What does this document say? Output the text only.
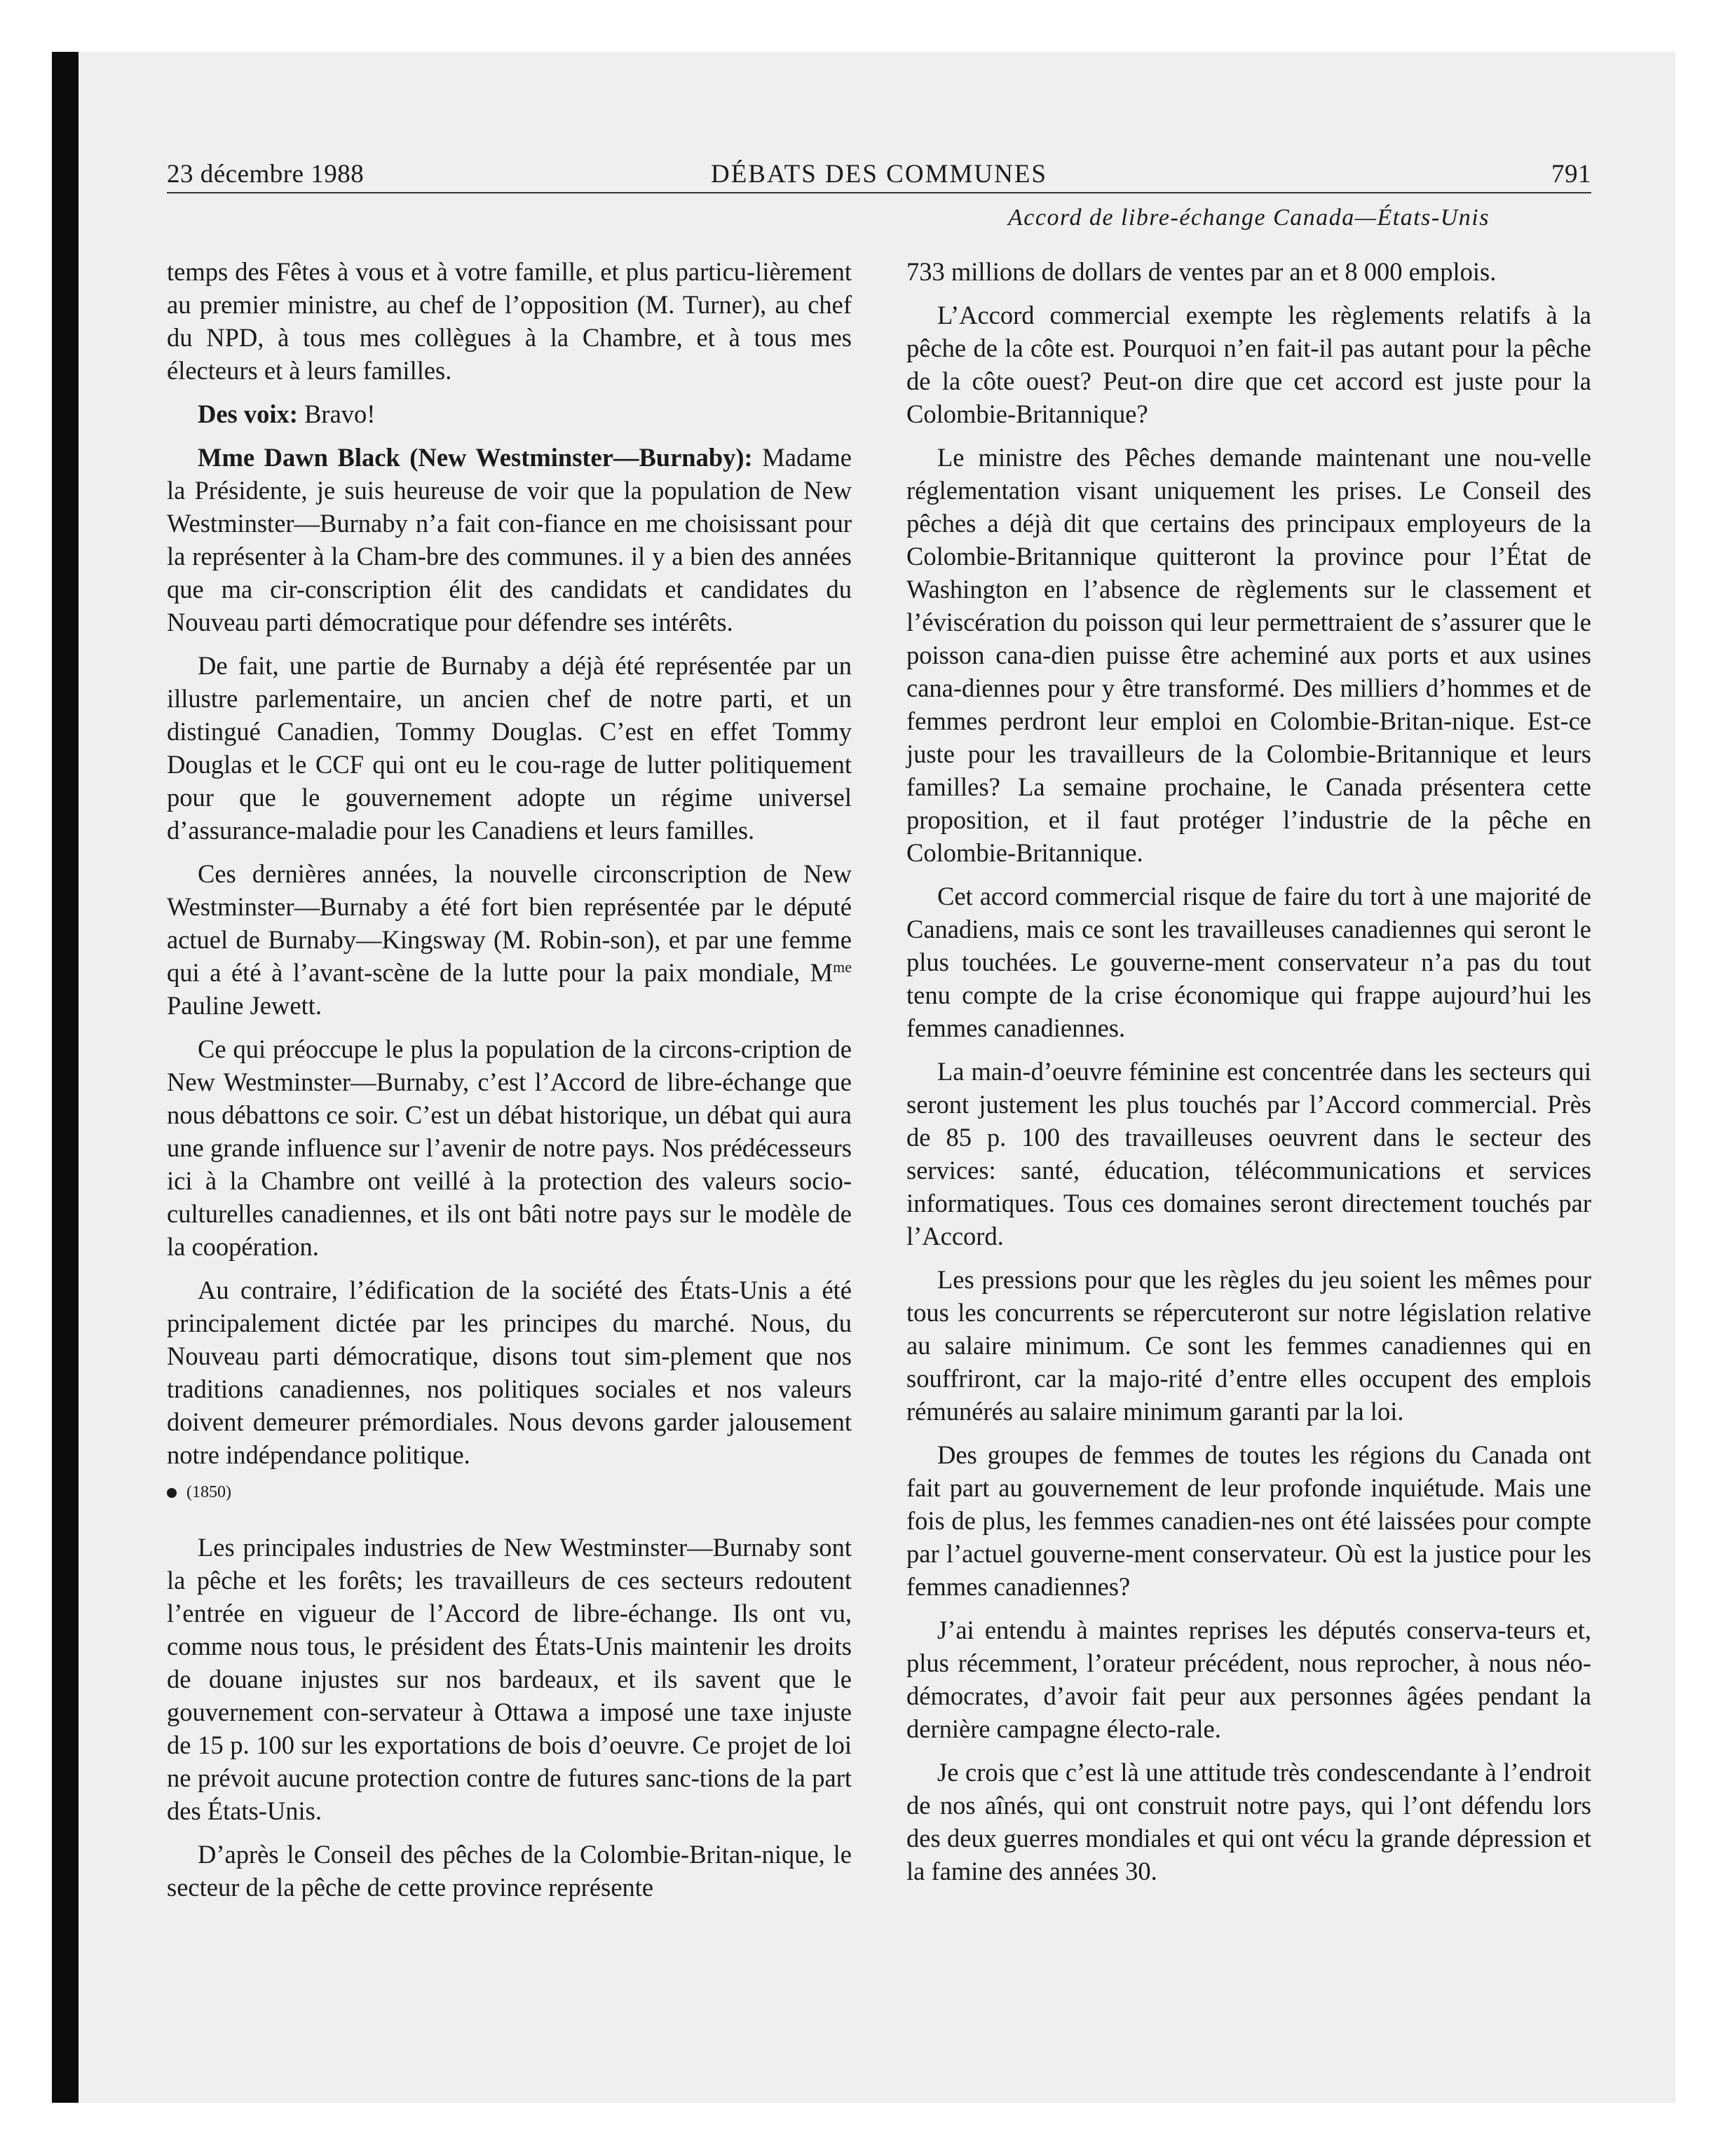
23 décembre 1988	DÉBATS DES COMMUNES	791
Accord de libre-échange Canada—États-Unis

temps des Fêtes à vous et à votre famille, et plus particu-lièrement au premier ministre, au chef de l’opposition (M. Turner), au chef du NPD, à tous mes collègues à la Chambre, et à tous mes électeurs et à leurs familles.

Des voix: Bravo!

Mme Dawn Black (New Westminster—Burnaby): Madame la Présidente, je suis heureuse de voir que la population de New Westminster—Burnaby n’a fait con-fiance en me choisissant pour la représenter à la Cham-bre des communes. il y a bien des années que ma cir-conscription élit des candidats et candidates du Nouveau parti démocratique pour défendre ses intérêts.

De fait, une partie de Burnaby a déjà été représentée par un illustre parlementaire, un ancien chef de notre parti, et un distingué Canadien, Tommy Douglas. C’est en effet Tommy Douglas et le CCF qui ont eu le cou-rage de lutter politiquement pour que le gouvernement adopte un régime universel d’assurance-maladie pour les Canadiens et leurs familles.

Ces dernières années, la nouvelle circonscription de New Westminster—Burnaby a été fort bien représentée par le député actuel de Burnaby—Kingsway (M. Robin-son), et par une femme qui a été à l’avant-scène de la lutte pour la paix mondiale, $M^{me}$ Pauline Jewett.

Ce qui préoccupe le plus la population de la circons-cription de New Westminster—Burnaby, c’est l’Accord de libre-échange que nous débattons ce soir. C’est un débat historique, un débat qui aura une grande influence sur l’avenir de notre pays. Nos prédécesseurs ici à la Chambre ont veillé à la protection des valeurs socio-culturelles canadiennes, et ils ont bâti notre pays sur le modèle de la coopération.

Au contraire, l’édification de la société des États-Unis a été principalement dictée par les principes du marché. Nous, du Nouveau parti démocratique, disons tout sim-plement que nos traditions canadiennes, nos politiques sociales et nos valeurs doivent demeurer prémordiales. Nous devons garder jalousement notre indépendance politique.

(1850)

Les principales industries de New Westminster—Burnaby sont la pêche et les forêts; les travailleurs de ces secteurs redoutent l’entrée en vigueur de l’Accord de libre-échange. Ils ont vu, comme nous tous, le président des États-Unis maintenir les droits de douane injustes sur nos bardeaux, et ils savent que le gouvernement con-servateur à Ottawa a imposé une taxe injuste de 15 p. 100 sur les exportations de bois d’oeuvre. Ce projet de loi ne prévoit aucune protection contre de futures sanc-tions de la part des États-Unis.

D’après le Conseil des pêches de la Colombie-Britan-nique, le secteur de la pêche de cette province représente

733 millions de dollars de ventes par an et 8 000 emplois.

L’Accord commercial exempte les règlements relatifs à la pêche de la côte est. Pourquoi n’en fait-il pas autant pour la pêche de la côte ouest? Peut-on dire que cet accord est juste pour la Colombie-Britannique?

Le ministre des Pêches demande maintenant une nou-velle réglementation visant uniquement les prises. Le Conseil des pêches a déjà dit que certains des principaux employeurs de la Colombie-Britannique quitteront la province pour l’État de Washington en l’absence de règlements sur le classement et l’éviscération du poisson qui leur permettraient de s’assurer que le poisson cana-dien puisse être acheminé aux ports et aux usines cana-diennes pour y être transformé. Des milliers d’hommes et de femmes perdront leur emploi en Colombie-Britan-nique. Est-ce juste pour les travailleurs de la Colombie-Britannique et leurs familles? La semaine prochaine, le Canada présentera cette proposition, et il faut protéger l’industrie de la pêche en Colombie-Britannique.

Cet accord commercial risque de faire du tort à une majorité de Canadiens, mais ce sont les travailleuses canadiennes qui seront le plus touchées. Le gouverne-ment conservateur n’a pas du tout tenu compte de la crise économique qui frappe aujourd’hui les femmes canadiennes.

La main-d’oeuvre féminine est concentrée dans les secteurs qui seront justement les plus touchés par l’Accord commercial. Près de 85 p. 100 des travailleuses oeuvrent dans le secteur des services: santé, éducation, télécommunications et services informatiques. Tous ces domaines seront directement touchés par l’Accord.

Les pressions pour que les règles du jeu soient les mêmes pour tous les concurrents se répercuteront sur notre législation relative au salaire minimum. Ce sont les femmes canadiennes qui en souffriront, car la majo-rité d’entre elles occupent des emplois rémunérés au salaire minimum garanti par la loi.

Des groupes de femmes de toutes les régions du Canada ont fait part au gouvernement de leur profonde inquiétude. Mais une fois de plus, les femmes canadien-nes ont été laissées pour compte par l’actuel gouverne-ment conservateur. Où est la justice pour les femmes canadiennes?

J’ai entendu à maintes reprises les députés conserva-teurs et, plus récemment, l’orateur précédent, nous reprocher, à nous néo-démocrates, d’avoir fait peur aux personnes âgées pendant la dernière campagne électo-rale.

Je crois que c’est là une attitude très condescendante à l’endroit de nos aînés, qui ont construit notre pays, qui l’ont défendu lors des deux guerres mondiales et qui ont vécu la grande dépression et la famine des années 30.
